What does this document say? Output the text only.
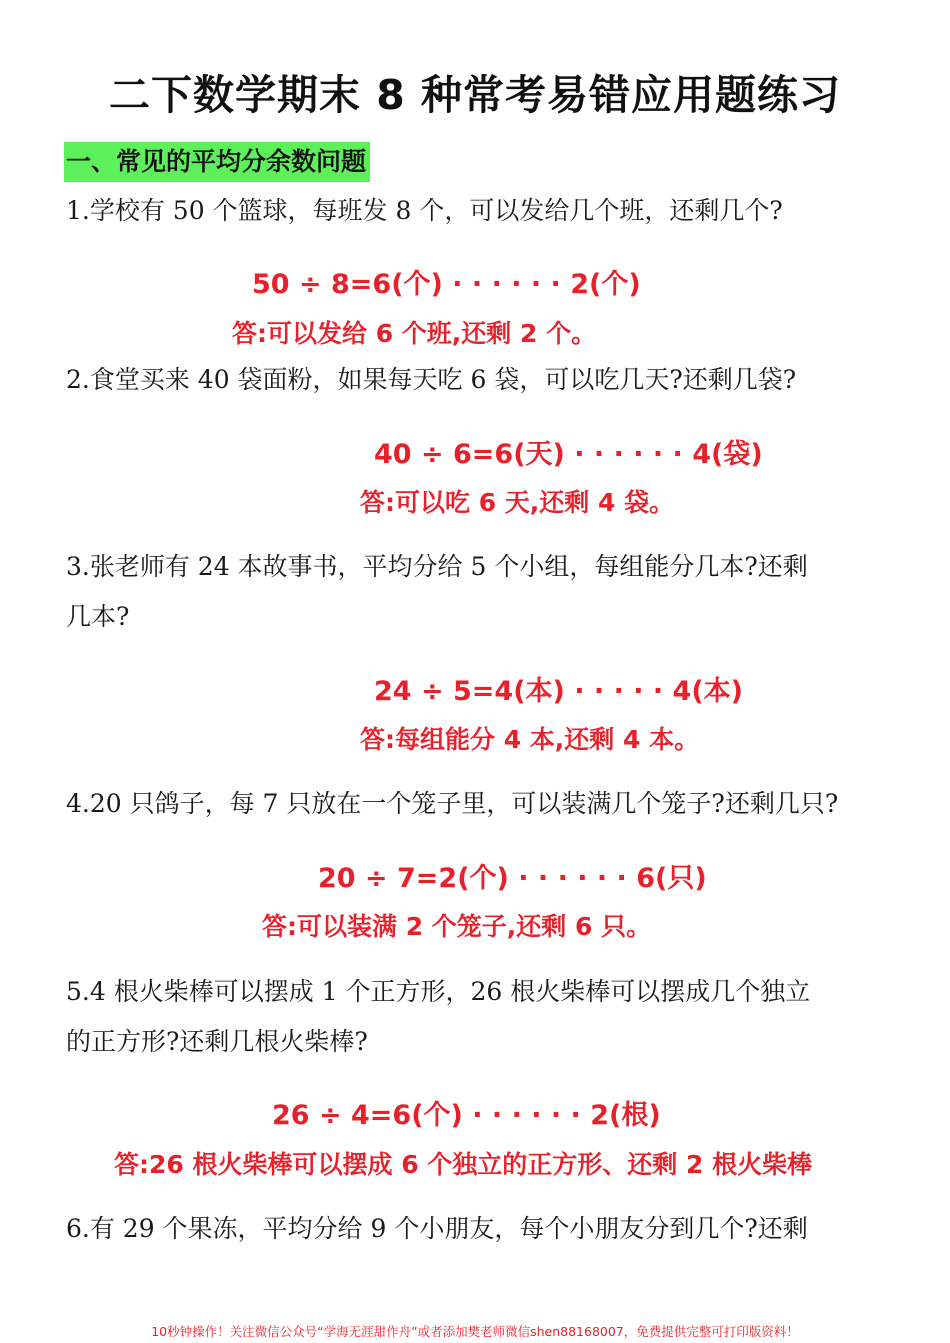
二下数学期末 8 种常考易错应用题练习
一、常见的平均分余数问题
1.学校有 50 个篮球，每班发 8 个，可以发给几个班，还剩几个?
50 ÷ 8=6(个) · · · · · · 2(个)
答:可以发给 6 个班,还剩 2 个。
2.食堂买来 40 袋面粉，如果每天吃 6 袋，可以吃几天?还剩几袋?
40 ÷ 6=6(天) · · · · · · 4(袋)
答:可以吃 6 天,还剩 4 袋。
3.张老师有 24 本故事书，平均分给 5 个小组，每组能分几本?还剩
几本?
24 ÷ 5=4(本) · · · · · 4(本)
答:每组能分 4 本,还剩 4 本。
4.20 只鸽子，每 7 只放在一个笼子里，可以装满几个笼子?还剩几只?
20 ÷ 7=2(个) · · · · · · 6(只)
答:可以装满 2 个笼子,还剩 6 只。
5.4 根火柴棒可以摆成 1 个正方形，26 根火柴棒可以摆成几个独立
的正方形?还剩几根火柴棒?
26 ÷ 4=6(个) · · · · · · 2(根)
答:26 根火柴棒可以摆成 6 个独立的正方形、还剩 2 根火柴棒
6.有 29 个果冻，平均分给 9 个小朋友，每个小朋友分到几个?还剩
10秒钟操作！关注微信公众号“学海无涯甜作舟”或者添加樊老师微信shen88168007，免费提供完整可打印版资料！
